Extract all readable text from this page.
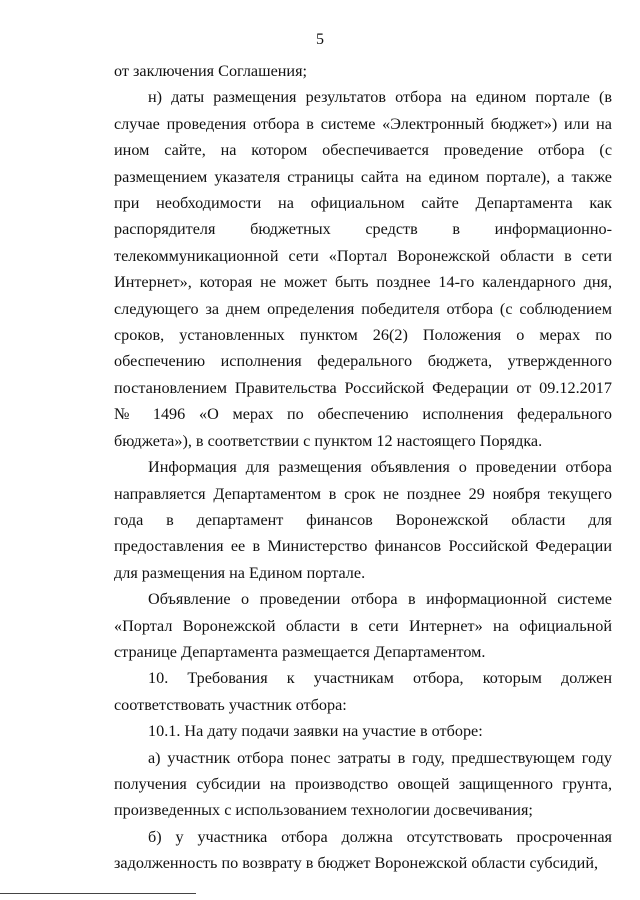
5

от заключения Соглашения;

н) даты размещения результатов отбора на едином портале (в случае проведения отбора в системе «Электронный бюджет») или на ином сайте, на котором обеспечивается проведение отбора (с размещением указателя страницы сайта на едином портале), а также при необходимости на официальном сайте Департамента как распорядителя бюджетных средств в информационно-телекоммуникационной сети «Портал Воронежской области в сети Интернет», которая не может быть позднее 14-го календарного дня, следующего за днем определения победителя отбора (с соблюдением сроков, установленных пунктом 26(2) Положения о мерах по обеспечению исполнения федерального бюджета, утвержденного постановлением Правительства Российской Федерации от 09.12.2017 № 1496 «О мерах по обеспечению исполнения федерального бюджета»), в соответствии с пунктом 12 настоящего Порядка.

Информация для размещения объявления о проведении отбора направляется Департаментом в срок не позднее 29 ноября текущего года в департамент финансов Воронежской области для предоставления ее в Министерство финансов Российской Федерации для размещения на Едином портале.

Объявление о проведении отбора в информационной системе «Портал Воронежской области в сети Интернет» на официальной странице Департамента размещается Департаментом.

10. Требования к участникам отбора, которым должен соответствовать участник отбора:

10.1. На дату подачи заявки на участие в отборе:

а) участник отбора понес затраты в году, предшествующем году получения субсидии на производство овощей защищенного грунта, произведенных с использованием технологии досвечивания;

б) у участника отбора должна отсутствовать просроченная задолженность по возврату в бюджет Воронежской области субсидий,
